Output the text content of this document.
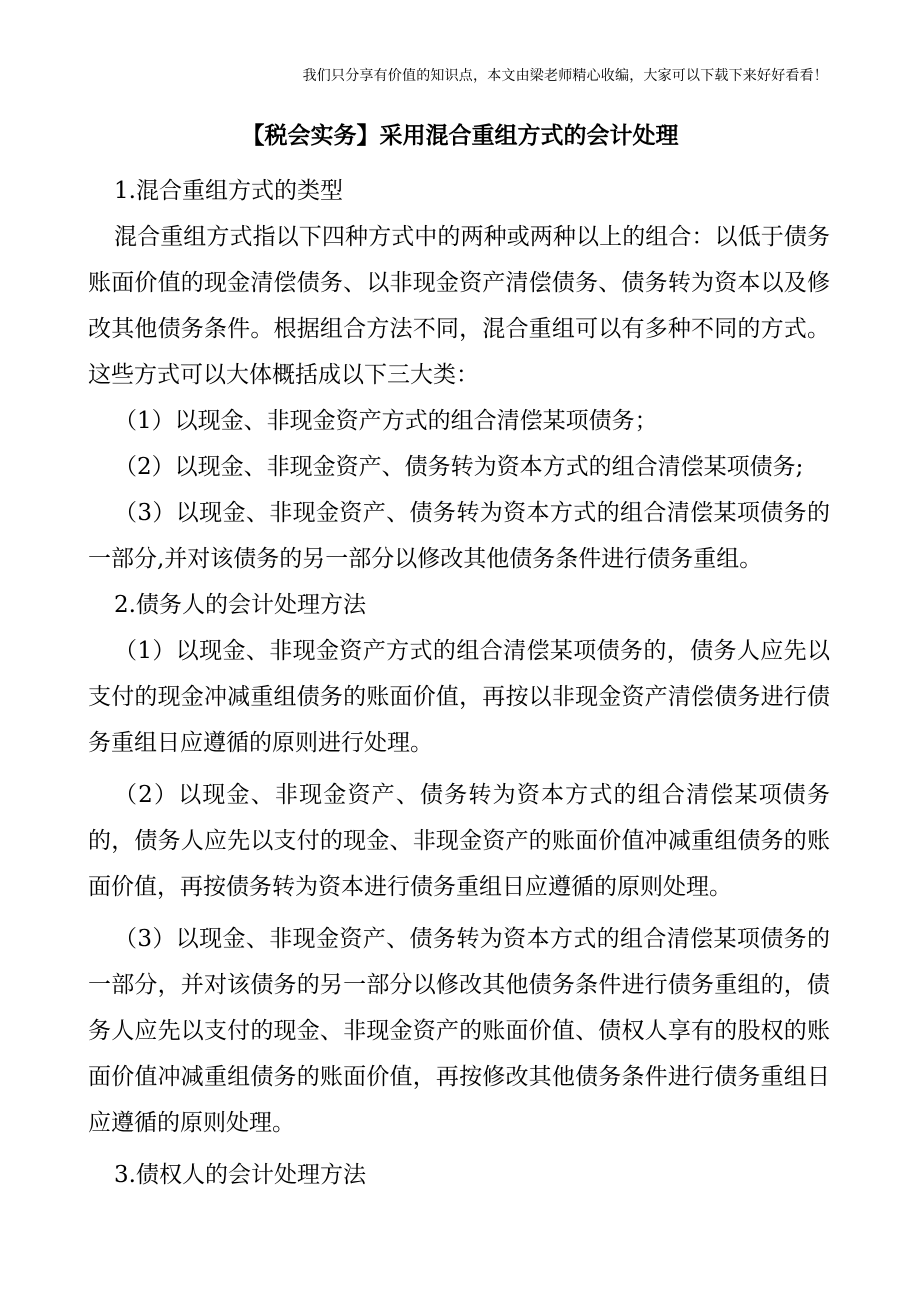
我们只分享有价值的知识点，本文由梁老师精心收编，大家可以下载下来好好看看！
【税会实务】采用混合重组方式的会计处理

1.混合重组方式的类型

混合重组方式指以下四种方式中的两种或两种以上的组合：以低于债务账面价值的现金清偿债务、以非现金资产清偿债务、债务转为资本以及修改其他债务条件。根据组合方法不同，混合重组可以有多种不同的方式。这些方式可以大体概括成以下三大类：

（1）以现金、非现金资产方式的组合清偿某项债务；

（2）以现金、非现金资产、债务转为资本方式的组合清偿某项债务;

（3）以现金、非现金资产、债务转为资本方式的组合清偿某项债务的一部分,并对该债务的另一部分以修改其他债务条件进行债务重组。

2.债务人的会计处理方法

（1）以现金、非现金资产方式的组合清偿某项债务的，债务人应先以支付的现金冲减重组债务的账面价值，再按以非现金资产清偿债务进行债务重组日应遵循的原则进行处理。

（2）以现金、非现金资产、债务转为资本方式的组合清偿某项债务的，债务人应先以支付的现金、非现金资产的账面价值冲减重组债务的账面价值，再按债务转为资本进行债务重组日应遵循的原则处理。

（3）以现金、非现金资产、债务转为资本方式的组合清偿某项债务的一部分，并对该债务的另一部分以修改其他债务条件进行债务重组的，债务人应先以支付的现金、非现金资产的账面价值、债权人享有的股权的账面价值冲减重组债务的账面价值，再按修改其他债务条件进行债务重组日应遵循的原则处理。

3.债权人的会计处理方法
